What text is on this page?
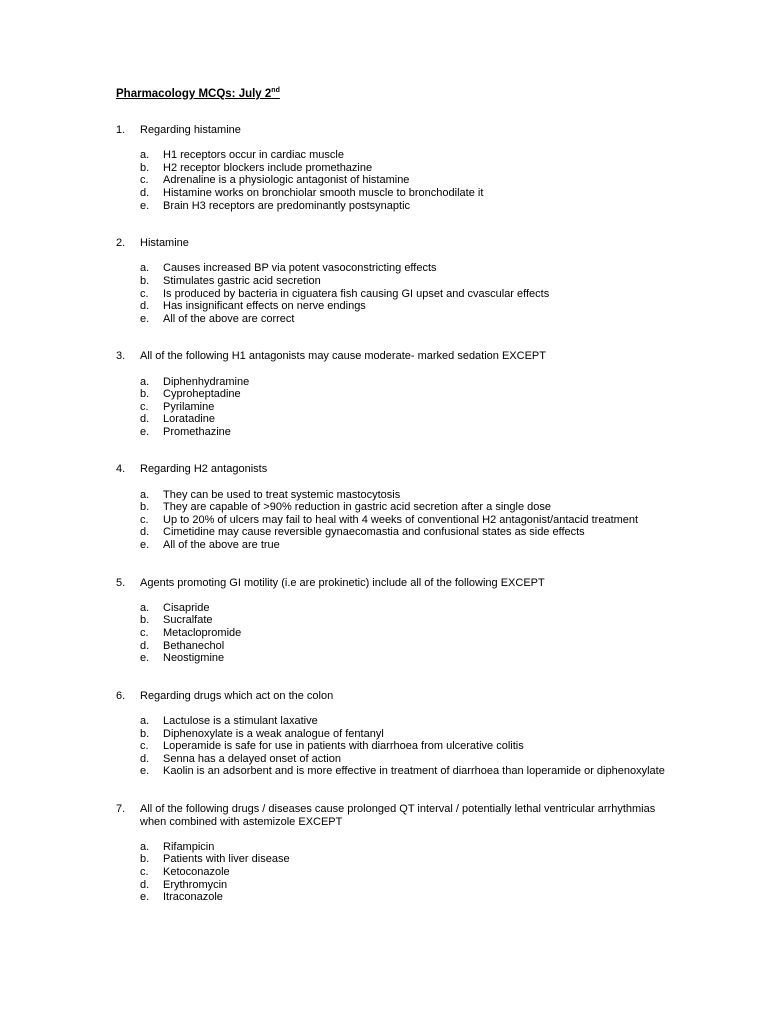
Pharmacology MCQs: July 2nd
1.	Regarding histamine
a.	H1 receptors occur in cardiac muscle
b.	H2 receptor blockers include promethazine
c.	Adrenaline is a physiologic antagonist of histamine
d.	Histamine works on bronchiolar smooth muscle to bronchodilate it
e.	Brain H3 receptors are predominantly postsynaptic
2.	Histamine
a.	Causes increased BP via potent vasoconstricting effects
b.	Stimulates gastric acid secretion
c.	Is produced by bacteria in ciguatera fish causing GI upset and cvascular effects
d.	Has insignificant effects on nerve endings
e.	All of the above are correct
3.	All of the following H1 antagonists may cause moderate- marked sedation EXCEPT
a.	Diphenhydramine
b.	Cyproheptadine
c.	Pyrilamine
d.	Loratadine
e.	Promethazine
4.	Regarding H2 antagonists
a.	They can be used to treat systemic mastocytosis
b.	They are capable of >90% reduction in gastric acid secretion after a single dose
c.	Up to 20% of ulcers may fail to heal with 4 weeks of conventional H2 antagonist/antacid treatment
d.	Cimetidine may cause reversible gynaecomastia and confusional states as side effects
e.	All of the above are true
5.	Agents promoting GI motility (i.e are prokinetic) include all of the following EXCEPT
a.	Cisapride
b.	Sucralfate
c.	Metaclopromide
d.	Bethanechol
e.	Neostigmine
6.	Regarding drugs which act on the colon
a.	Lactulose is a stimulant laxative
b.	Diphenoxylate is a weak analogue of fentanyl
c.	Loperamide is safe for use in patients with diarrhoea from ulcerative colitis
d.	Senna has a delayed onset of action
e.	Kaolin is an adsorbent and is more effective in treatment of diarrhoea than loperamide or diphenoxylate
7.	All of the following drugs / diseases cause prolonged QT interval / potentially lethal ventricular arrhythmias when combined with astemizole EXCEPT
a.	Rifampicin
b.	Patients with liver disease
c.	Ketoconazole
d.	Erythromycin
e.	Itraconazole
